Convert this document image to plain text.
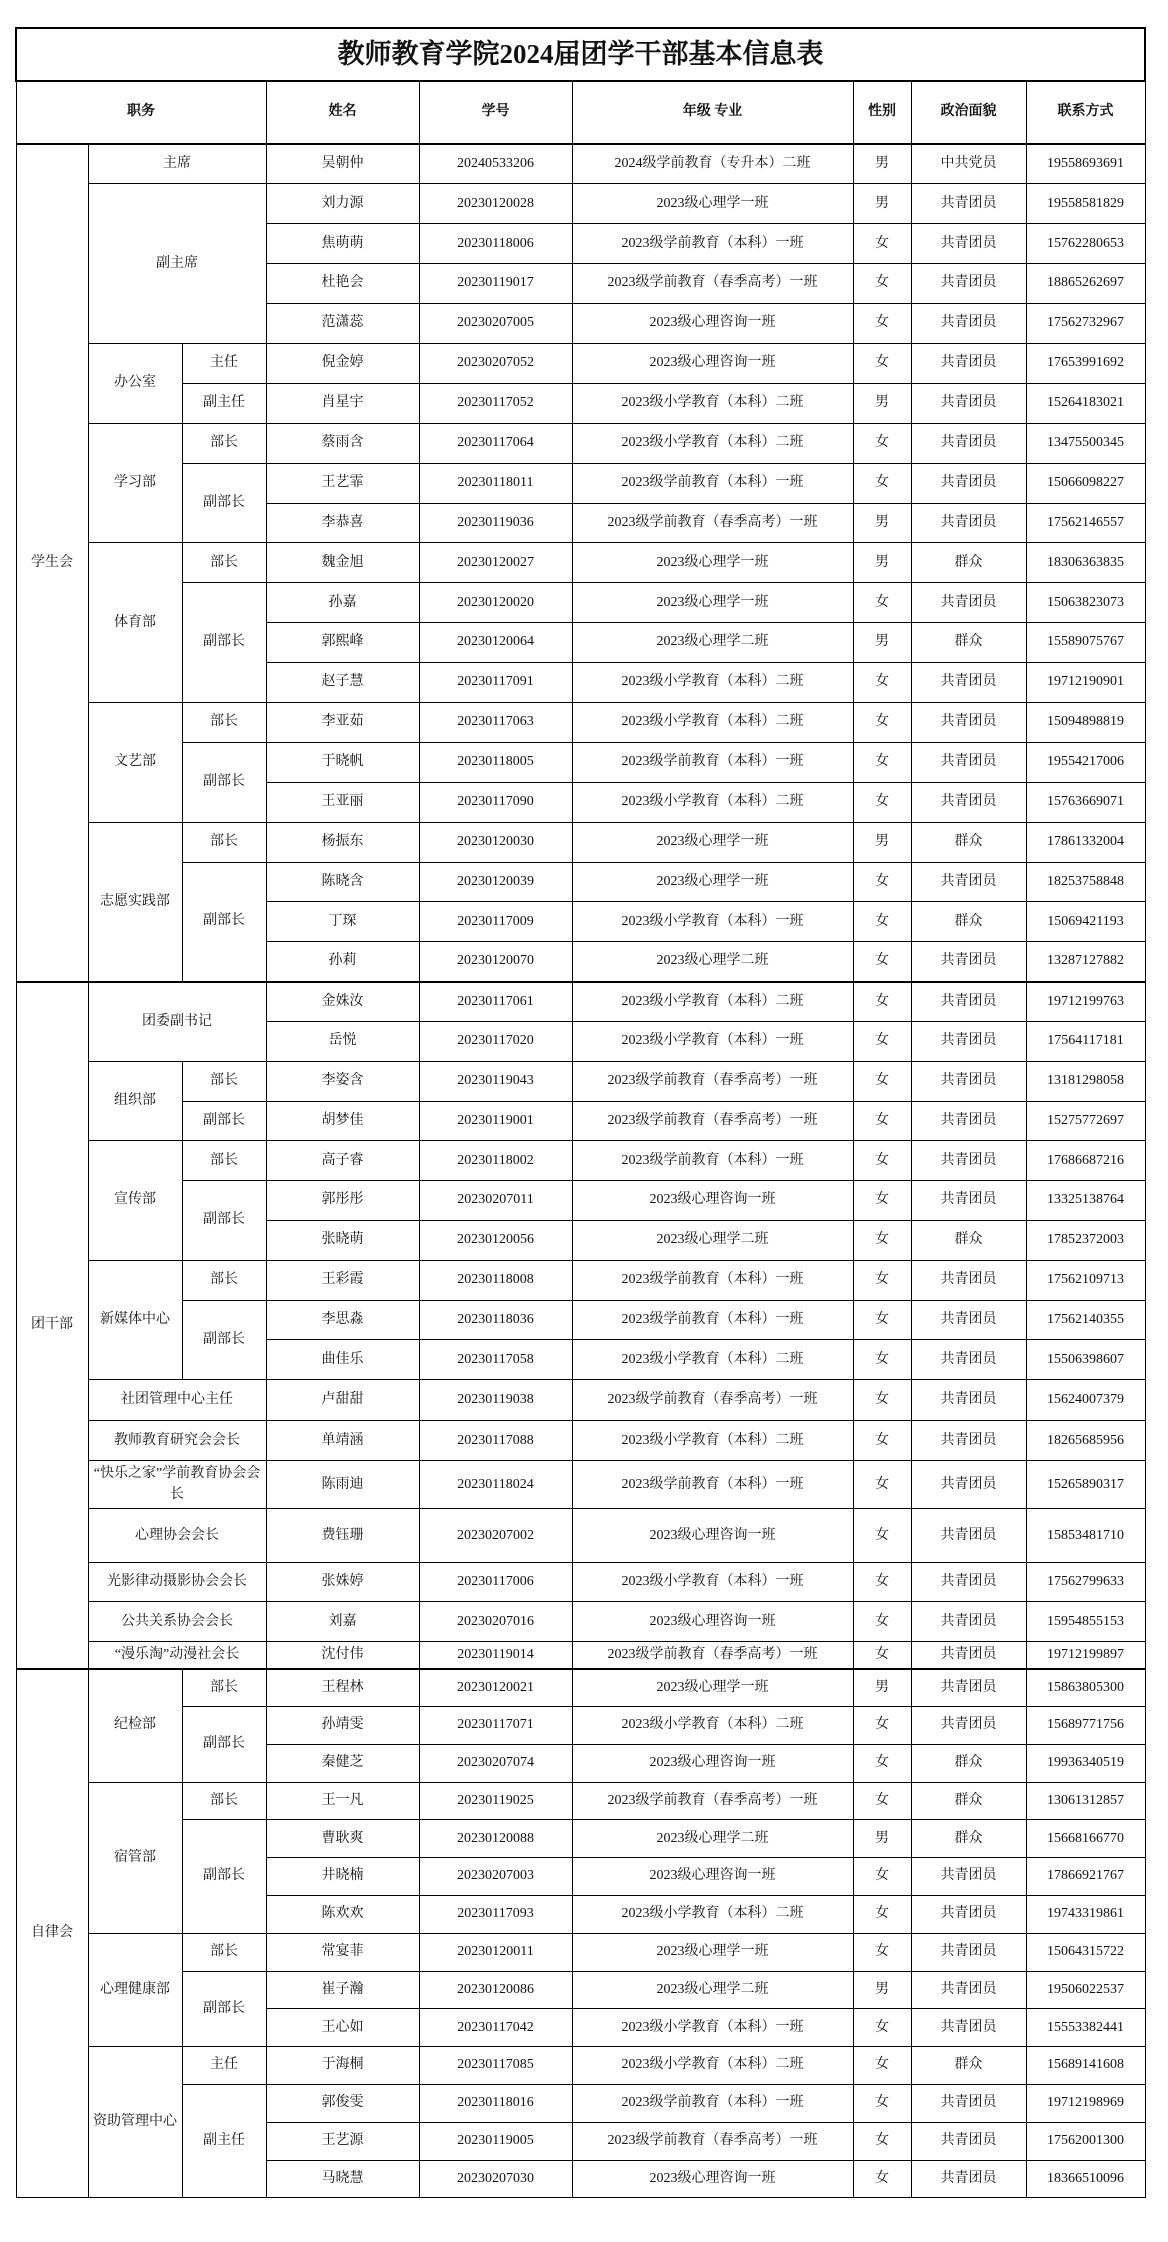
教师教育学院2024届团学干部基本信息表								
职务			姓名	学号	年级 专业	性别	政治面貌	联系方式
学生会	主席		吴朝仲	20240533206	2024级学前教育（专升本）二班	男	中共党员	19558693691
	副主席		刘力源	20230120028	2023级心理学一班	男	共青团员	19558581829
			焦萌萌	20230118006	2023级学前教育（本科）一班	女	共青团员	15762280653
			杜艳会	20230119017	2023级学前教育（春季高考）一班	女	共青团员	18865262697
			范潇蕊	20230207005	2023级心理咨询一班	女	共青团员	17562732967
	办公室	主任	倪金婷	20230207052	2023级心理咨询一班	女	共青团员	17653991692
		副主任	肖星宇	20230117052	2023级小学教育（本科）二班	男	共青团员	15264183021
	学习部	部长	蔡雨含	20230117064	2023级小学教育（本科）二班	女	共青团员	13475500345
		副部长	王艺霏	20230118011	2023级学前教育（本科）一班	女	共青团员	15066098227
			李恭喜	20230119036	2023级学前教育（春季高考）一班	男	共青团员	17562146557
	体育部	部长	魏金旭	20230120027	2023级心理学一班	男	群众	18306363835
		副部长	孙嘉	20230120020	2023级心理学一班	女	共青团员	15063823073
			郭熙峰	20230120064	2023级心理学二班	男	群众	15589075767
			赵子慧	20230117091	2023级小学教育（本科）二班	女	共青团员	19712190901
	文艺部	部长	李亚茹	20230117063	2023级小学教育（本科）二班	女	共青团员	15094898819
		副部长	于晓帆	20230118005	2023级学前教育（本科）一班	女	共青团员	19554217006
			王亚丽	20230117090	2023级小学教育（本科）二班	女	共青团员	15763669071
	志愿实践部	部长	杨振东	20230120030	2023级心理学一班	男	群众	17861332004
		副部长	陈晓含	20230120039	2023级心理学一班	女	共青团员	18253758848
			丁琛	20230117009	2023级小学教育（本科）一班	女	群众	15069421193
			孙莉	20230120070	2023级心理学二班	女	共青团员	13287127882
团干部	团委副书记		金姝汝	20230117061	2023级小学教育（本科）二班	女	共青团员	19712199763
			岳悦	20230117020	2023级小学教育（本科）一班	女	共青团员	17564117181
	组织部	部长	李姿含	20230119043	2023级学前教育（春季高考）一班	女	共青团员	13181298058
		副部长	胡梦佳	20230119001	2023级学前教育（春季高考）一班	女	共青团员	15275772697
	宣传部	部长	高子睿	20230118002	2023级学前教育（本科）一班	女	共青团员	17686687216
		副部长	郭彤彤	20230207011	2023级心理咨询一班	女	共青团员	13325138764
			张晓萌	20230120056	2023级心理学二班	女	群众	17852372003
	新媒体中心	部长	王彩霞	20230118008	2023级学前教育（本科）一班	女	共青团员	17562109713
		副部长	李思淼	20230118036	2023级学前教育（本科）一班	女	共青团员	17562140355
			曲佳乐	20230117058	2023级小学教育（本科）二班	女	共青团员	15506398607
	社团管理中心主任		卢甜甜	20230119038	2023级学前教育（春季高考）一班	女	共青团员	15624007379
	教师教育研究会会长		单靖涵	20230117088	2023级小学教育（本科）二班	女	共青团员	18265685956
	“快乐之家”学前教育协会会长		陈雨迪	20230118024	2023级学前教育（本科）一班	女	共青团员	15265890317
	心理协会会长		费钰珊	20230207002	2023级心理咨询一班	女	共青团员	15853481710
	光影律动摄影协会会长		张姝婷	20230117006	2023级小学教育（本科）一班	女	共青团员	17562799633
	公共关系协会会长		刘嘉	20230207016	2023级心理咨询一班	女	共青团员	15954855153
	“漫乐淘”动漫社会长		沈付伟	20230119014	2023级学前教育（春季高考）一班	女	共青团员	19712199897
自律会	纪检部	部长	王程林	20230120021	2023级心理学一班	男	共青团员	15863805300
		副部长	孙靖雯	20230117071	2023级小学教育（本科）二班	女	共青团员	15689771756
			秦健芝	20230207074	2023级心理咨询一班	女	群众	19936340519
	宿管部	部长	王一凡	20230119025	2023级学前教育（春季高考）一班	女	群众	13061312857
		副部长	曹耿爽	20230120088	2023级心理学二班	男	群众	15668166770
			井晓楠	20230207003	2023级心理咨询一班	女	共青团员	17866921767
			陈欢欢	20230117093	2023级小学教育（本科）二班	女	共青团员	19743319861
	心理健康部	部长	常宴菲	20230120011	2023级心理学一班	女	共青团员	15064315722
		副部长	崔子瀚	20230120086	2023级心理学二班	男	共青团员	19506022537
			王心如	20230117042	2023级小学教育（本科）一班	女	共青团员	15553382441
	资助管理中心	主任	于海桐	20230117085	2023级小学教育（本科）二班	女	群众	15689141608
		副主任	郭俊雯	20230118016	2023级学前教育（本科）一班	女	共青团员	19712198969
			王艺源	20230119005	2023级学前教育（春季高考）一班	女	共青团员	17562001300
			马晓慧	20230207030	2023级心理咨询一班	女	共青团员	18366510096
